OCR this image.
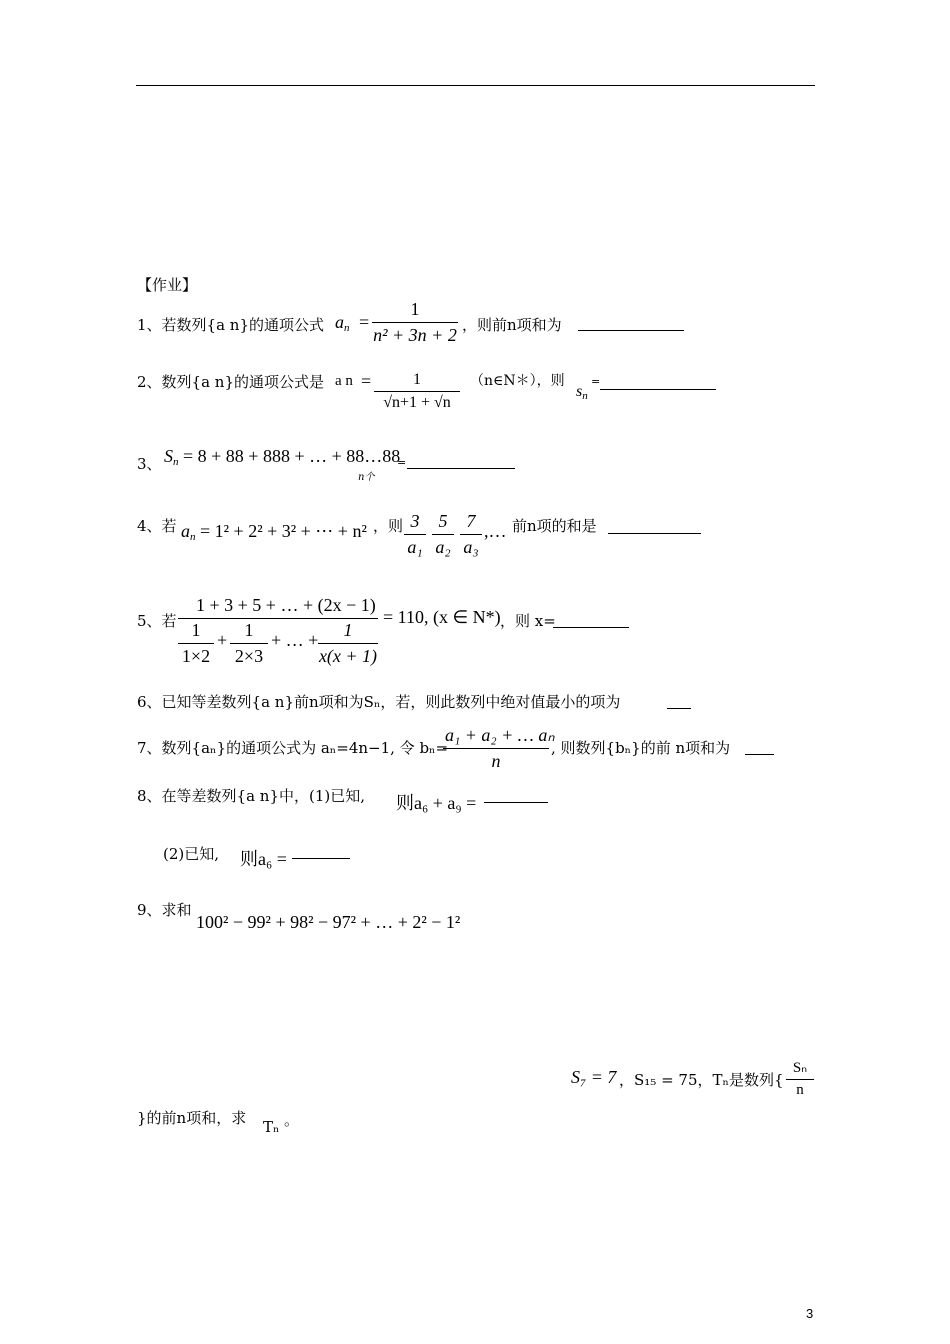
【作业】
1、若数列{a n}的通项公式 $a_n = \frac{1}{\text{n² + 3n + 2}}$ ，则前n项和为
2、数列{a n}的通项公式是 a $n = \frac{1}{√n+1 + √n}$ （n∈N＊），则
$s_n$
=
3、 $S_n = 8 + 88 + 888$ + … + 88…88
n个
=
4、若 $a_n = 1^2 + 2^2 + 3^2$ + ⋯ + n² ，则 $\frac{3}{\text{a₁}} \frac{5}{\text{a₂}} \frac{7}{\text{a₃}}$ ,… 前n项的和是
5、若
1 + 3 + 5 + … + (2x − 1)
$\frac{1}{1\times 2} + \frac{1}{2\times 3}$ + … + $\frac{1}{x(x + 1)}$
= 110, (x ∈ N*) ，则 x=
6、已知等差数列{a n}前n项和为Sₙ，若，则此数列中绝对值最小的项为
7、数列{aₙ}的通项公式为 aₙ=4n−1, 令 bₙ=
$\frac{\text{a₁ + a₂ + … aₙ}}{n}$ , 则数列{bₙ}的前 n项和为
8、在等差数列{a n}中，(1)已知, 则a₆ + a₉ =
(2)已知, 则a₆ =
9、求和
100² − 99² + 98² − 97² + … + 2² − 1²
S₇ = 7 ，S₁₅ = 75，Tₙ是数列{ $\frac{\text{Sₙ}}{n}$
}的前n项和，求 Tₙ 。
3
